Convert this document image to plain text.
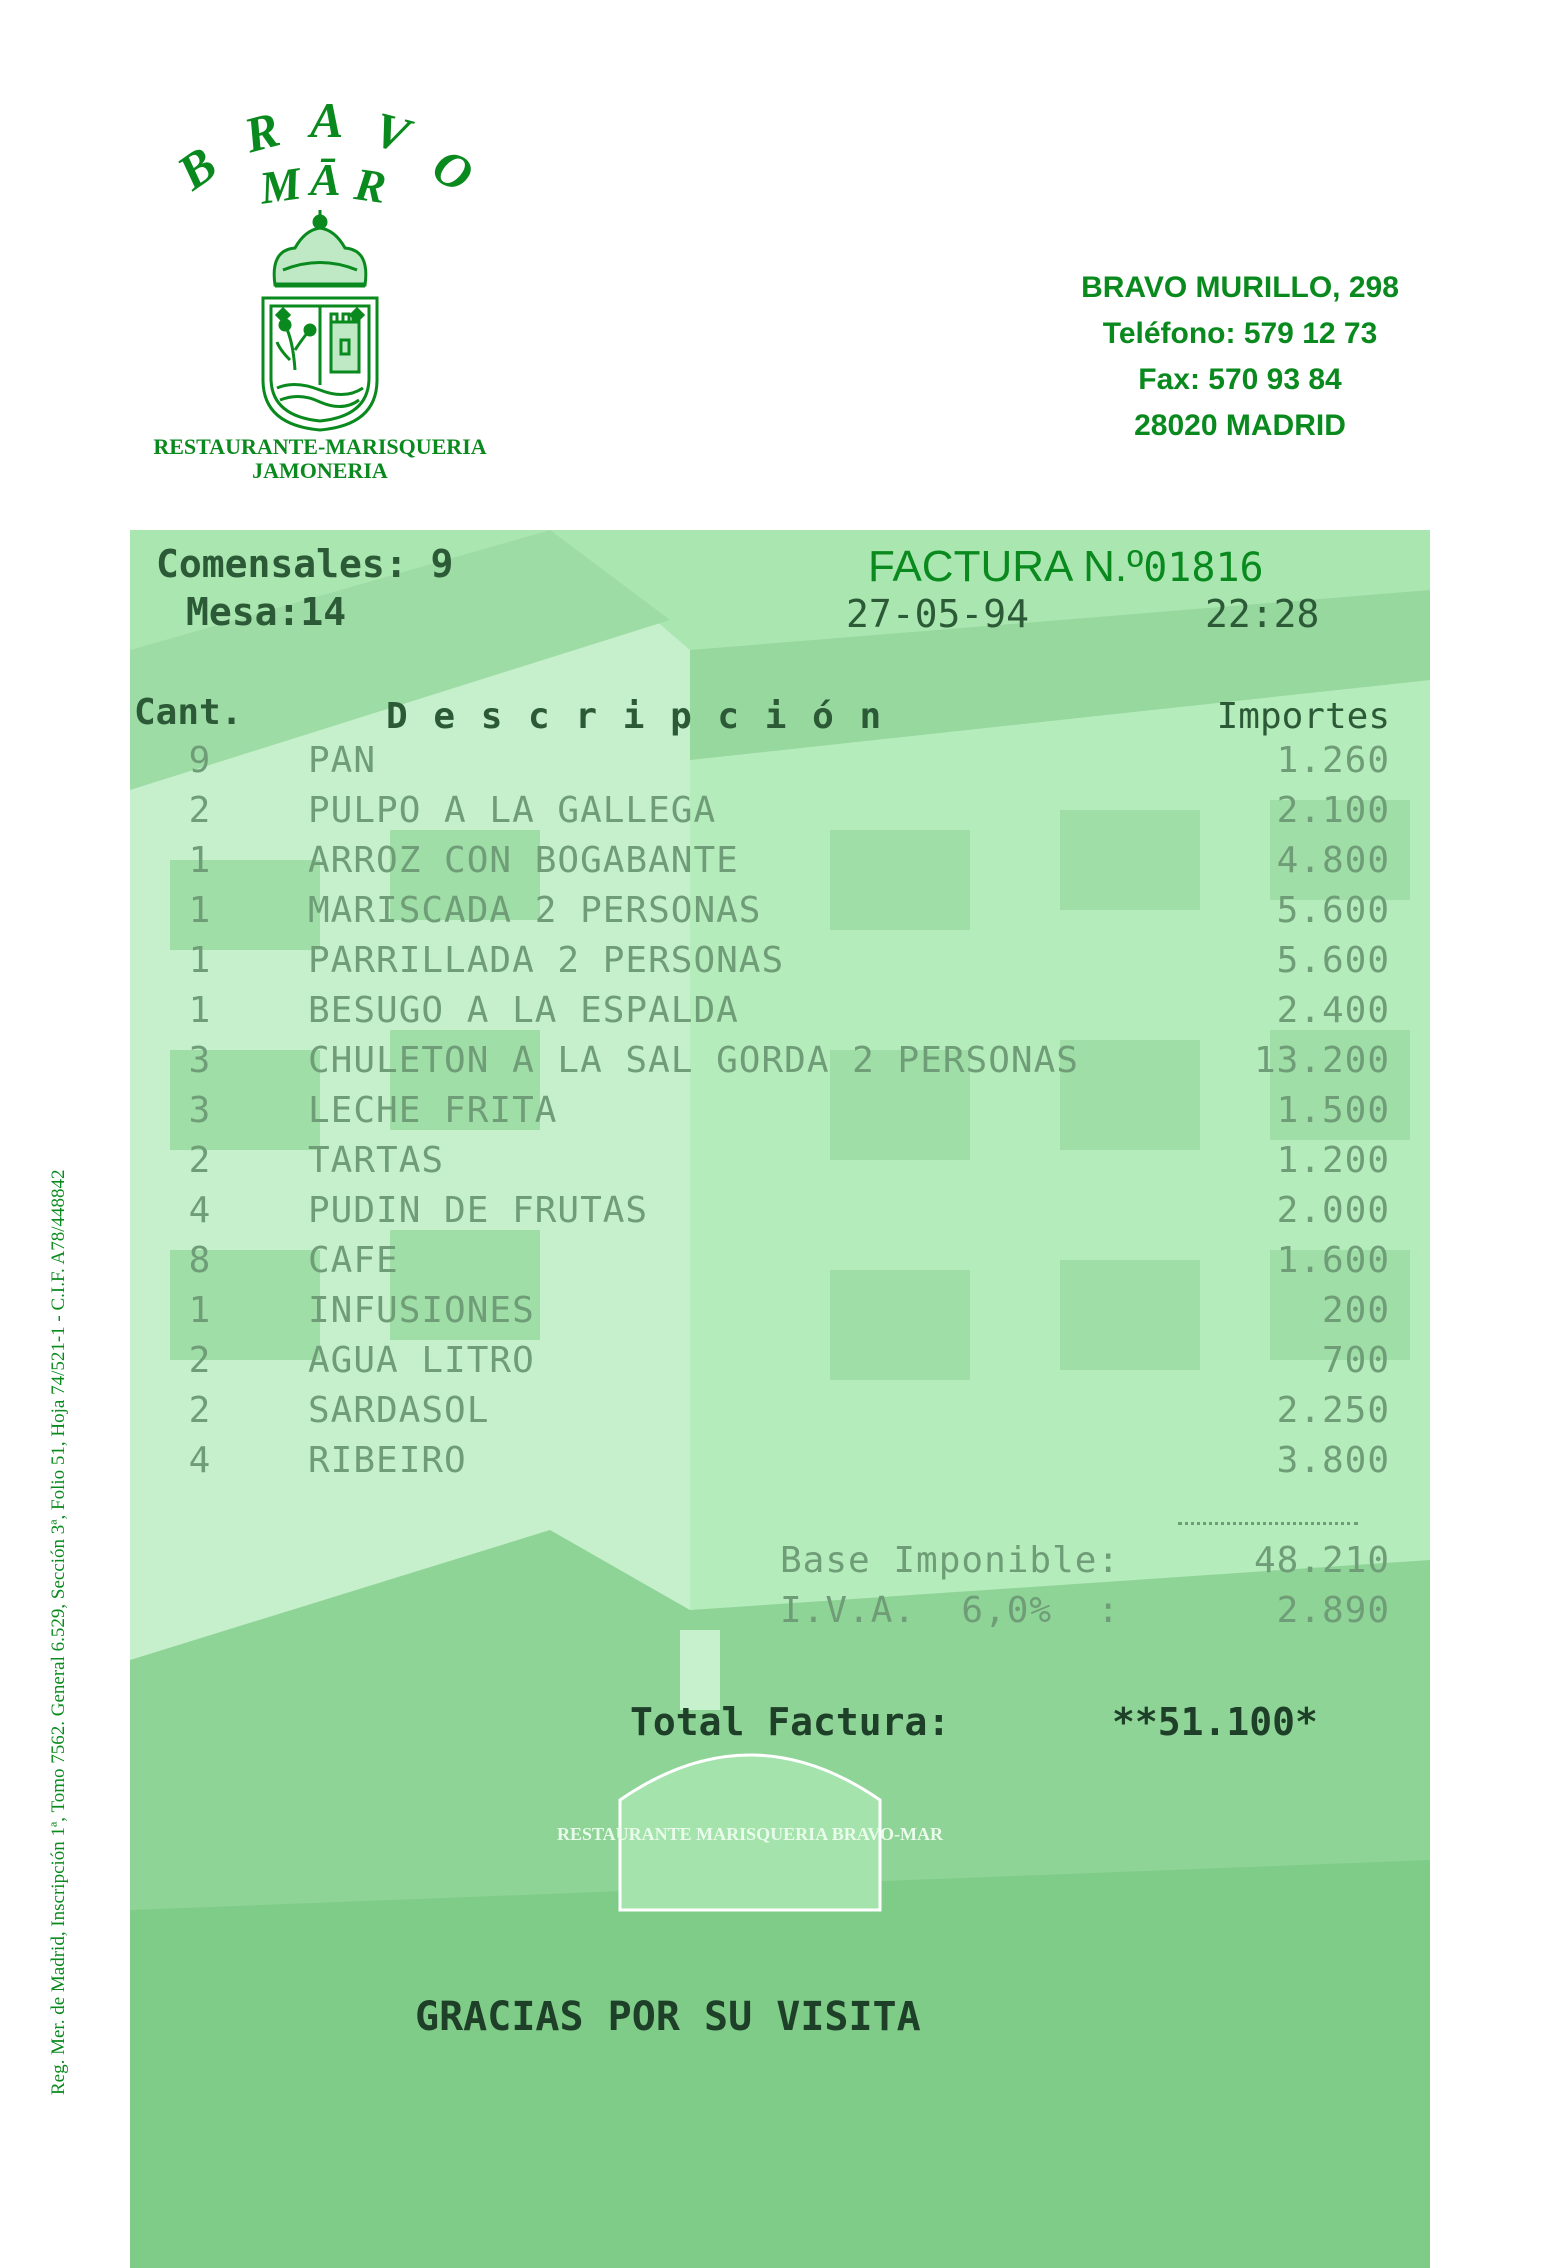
B
R A V
O
M Ā R
RESTAURANTE-MARISQUERIA
JAMONERIA
BRAVO MURILLO, 298
Teléfono: 579 12 73
Fax: 570 93 84
28020 MADRID
Reg. Mer. de Madrid, Inscripción 1ª, Tomo 7562. General 6.529, Sección 3ª, Folio 51, Hoja 74/521-1 - C.I.F. A78/448842	RESTAURANTE MARISQUERIA BRAVO-MAR
Comensales: 9
Mesa:14
FACTURA N.º01816
27-05-94	22:28
Cant.	D e s c r i p c i ó n	Importes
9	PAN	1.260
2	PULPO A LA GALLEGA	2.100
1	ARROZ CON BOGABANTE	4.800
1	MARISCADA 2 PERSONAS	5.600
1	PARRILLADA 2 PERSONAS	5.600
1	BESUGO A LA ESPALDA	2.400
3	CHULETON A LA SAL GORDA 2 PERSONAS	13.200
3	LECHE FRITA	1.500
2	TARTAS	1.200
4	PUDIN DE FRUTAS	2.000
8	CAFE	1.600
1	INFUSIONES	200
2	AGUA LITRO	700
2	SARDASOL	2.250
4	RIBEIRO	3.800
Base Imponible:	48.210
I.V.A.  6,0%  :	2.890
Total Factura:	**51.100*
GRACIAS POR SU VISITA
